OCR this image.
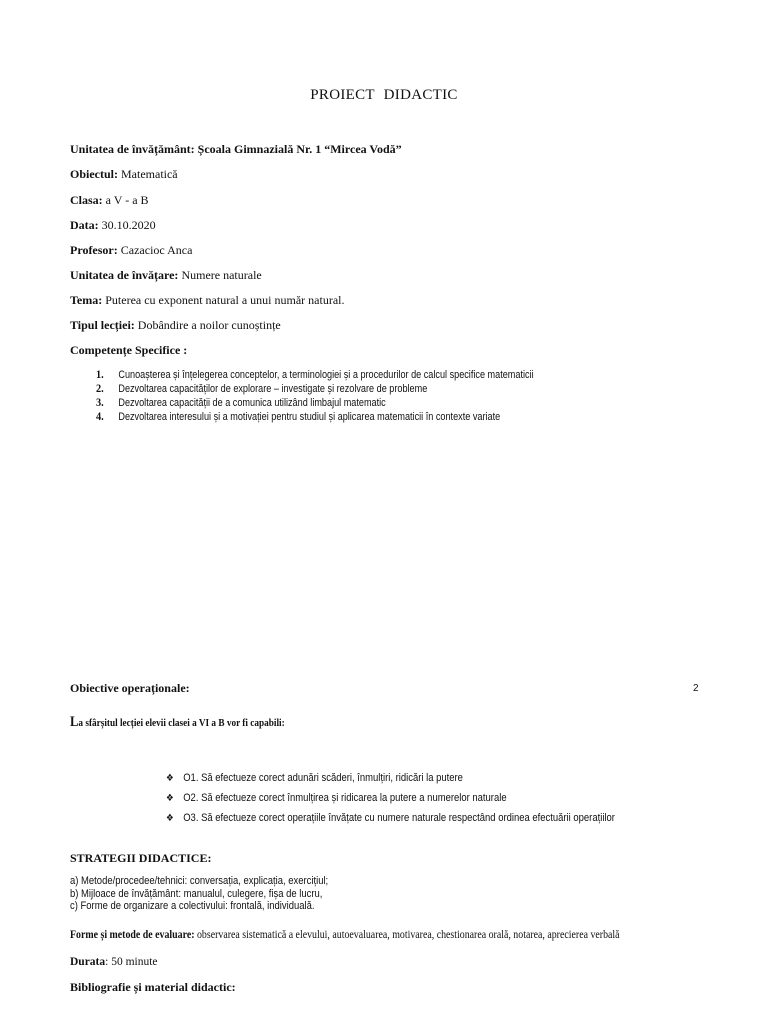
PROIECT DIDACTIC
Unitatea de învățământ: Școala Gimnazială Nr. 1 “Mircea Vodă”
Obiectul: Matematică
Clasa: a V - a B
Data: 30.10.2020
Profesor: Cazacioc Anca
Unitatea de învățare: Numere naturale
Tema: Puterea cu exponent natural a unui număr natural.
Tipul lecției: Dobândire a noilor cunoștințe
Competențe Specifice :
1. Cunoașterea și înțelegerea conceptelor, a terminologiei și a procedurilor de calcul specifice matematicii
2. Dezvoltarea capacităților de explorare – investigate și rezolvare de probleme
3. Dezvoltarea capacității de a comunica utilizând limbajul matematic
4. Dezvoltarea interesului și a motivației pentru studiul și aplicarea matematicii în contexte variate
Obiective operaționale:	2
La sfârșitul lecției elevii clasei a VI a B vor fi capabili:
❖ O1. Să efectueze corect adunări scăderi, înmulțiri, ridicări la putere
❖ O2. Să efectueze corect înmulțirea și ridicarea la putere a numerelor naturale
❖ O3. Să efectueze corect operațiile învățate cu numere naturale respectând ordinea efectuării operațiilor
STRATEGII DIDACTICE:
a) Metode/procedee/tehnici: conversația, explicația, exercițiul;
b) Mijloace de învățământ: manualul, culegere, fișa de lucru,
c) Forme de organizare a colectivului: frontală, individuală.
Forme și metode de evaluare: observarea sistematică a elevului, autoevaluarea, motivarea, chestionarea orală, notarea, aprecierea verbală
Durata: 50 minute
Bibliografie și material didactic:
